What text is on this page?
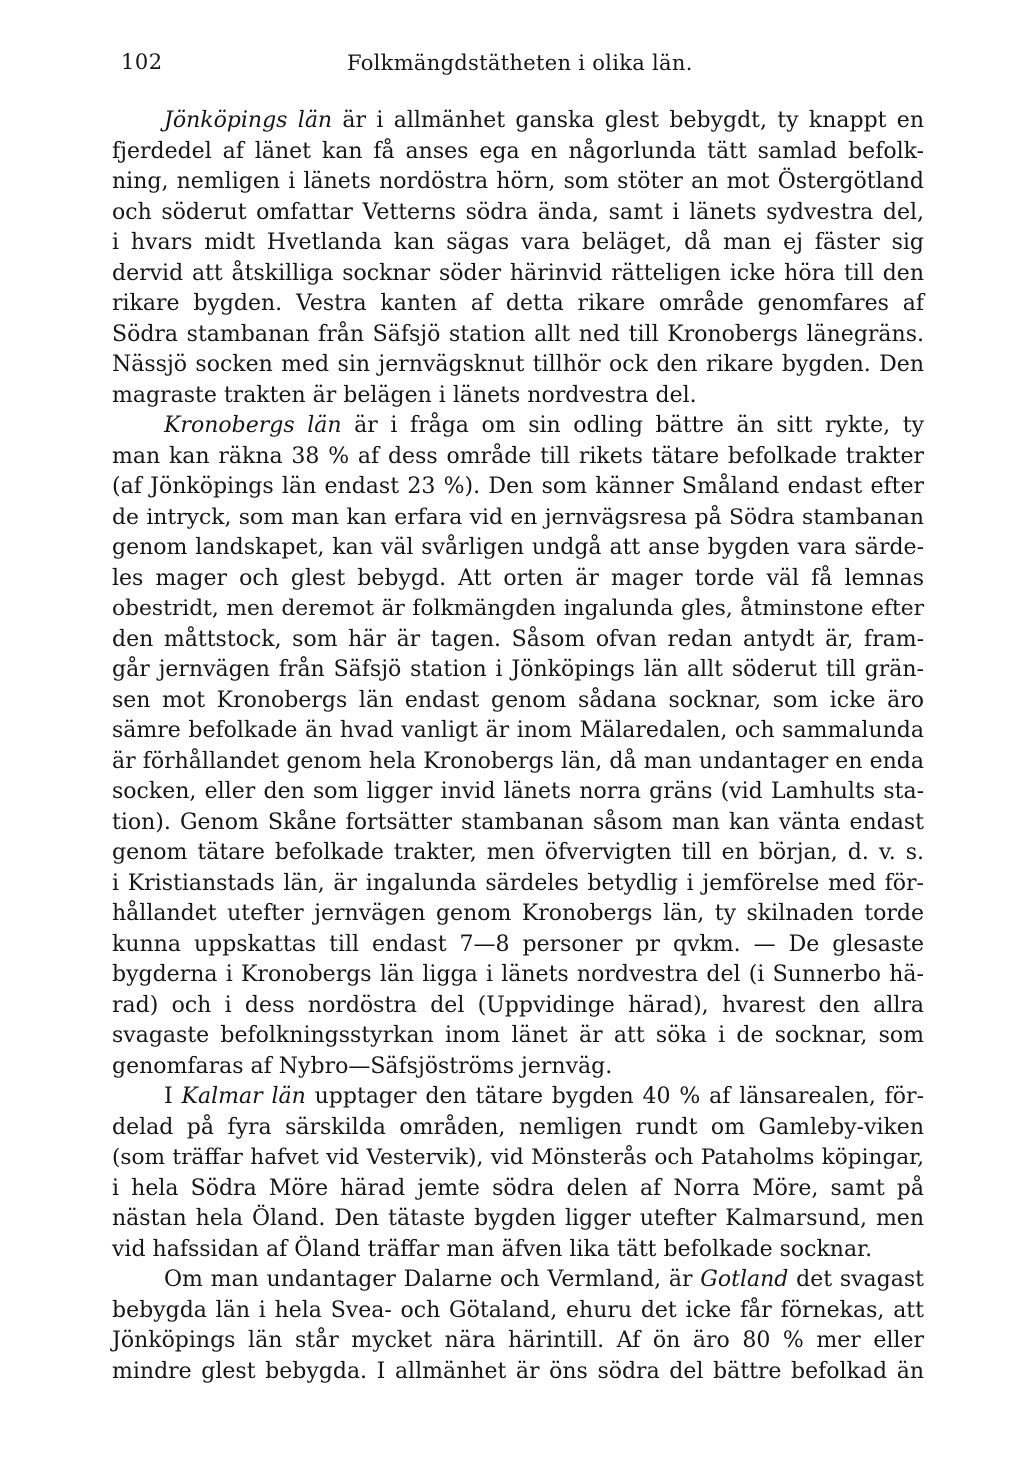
102	Folkmängdstätheten i olika län.
Jönköpings län är i allmänhet ganska glest bebygdt, ty knappt en
fjerdedel af länet kan få anses ega en någorlunda tätt samlad befolk-
ning, nemligen i länets nordöstra hörn, som stöter an mot Östergötland
och söderut omfattar Vetterns södra ända, samt i länets sydvestra del,
i hvars midt Hvetlanda kan sägas vara beläget, då man ej fäster sig
dervid att åtskilliga socknar söder härinvid rätteligen icke höra till den
rikare bygden. Vestra kanten af detta rikare område genomfares af
Södra stambanan från Säfsjö station allt ned till Kronobergs länegräns.
Nässjö socken med sin jernvägsknut tillhör ock den rikare bygden. Den
magraste trakten är belägen i länets nordvestra del.
Kronobergs län är i fråga om sin odling bättre än sitt rykte, ty
man kan räkna 38 % af dess område till rikets tätare befolkade trakter
(af Jönköpings län endast 23 %). Den som känner Småland endast efter
de intryck, som man kan erfara vid en jernvägsresa på Södra stambanan
genom landskapet, kan väl svårligen undgå att anse bygden vara särde-
les mager och glest bebygd. Att orten är mager torde väl få lemnas
obestridt, men deremot är folkmängden ingalunda gles, åtminstone efter
den måttstock, som här är tagen. Såsom ofvan redan antydt är, fram-
går jernvägen från Säfsjö station i Jönköpings län allt söderut till grän-
sen mot Kronobergs län endast genom sådana socknar, som icke äro
sämre befolkade än hvad vanligt är inom Mälaredalen, och sammalunda
är förhållandet genom hela Kronobergs län, då man undantager en enda
socken, eller den som ligger invid länets norra gräns (vid Lamhults sta-
tion). Genom Skåne fortsätter stambanan såsom man kan vänta endast
genom tätare befolkade trakter, men öfvervigten till en början, d. v. s.
i Kristianstads län, är ingalunda särdeles betydlig i jemförelse med för-
hållandet utefter jernvägen genom Kronobergs län, ty skilnaden torde
kunna uppskattas till endast 7—8 personer pr qvkm. — De glesaste
bygderna i Kronobergs län ligga i länets nordvestra del (i Sunnerbo hä-
rad) och i dess nordöstra del (Uppvidinge härad), hvarest den allra
svagaste befolkningsstyrkan inom länet är att söka i de socknar, som
genomfaras af Nybro—Säfsjöströms jernväg.
I Kalmar län upptager den tätare bygden 40 % af länsarealen, för-
delad på fyra särskilda områden, nemligen rundt om Gamleby-viken
(som träffar hafvet vid Vestervik), vid Mönsterås och Pataholms köpingar,
i hela Södra Möre härad jemte södra delen af Norra Möre, samt på
nästan hela Öland. Den tätaste bygden ligger utefter Kalmarsund, men
vid hafssidan af Öland träffar man äfven lika tätt befolkade socknar.
Om man undantager Dalarne och Vermland, är Gotland det svagast
bebygda län i hela Svea- och Götaland, ehuru det icke får förnekas, att
Jönköpings län står mycket nära härintill. Af ön äro 80 % mer eller
mindre glest bebygda. I allmänhet är öns södra del bättre befolkad än
